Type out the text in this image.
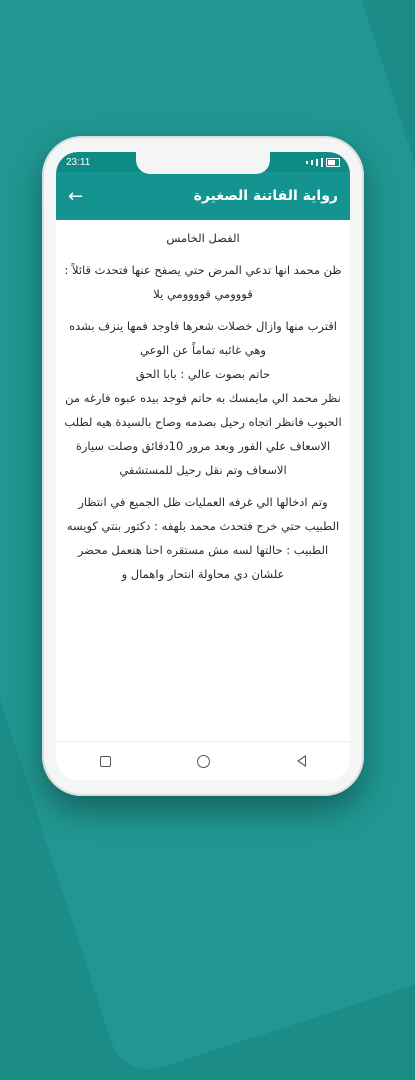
23:11
رواية الفاتنة الصغيرة
←

الفصل الخامس

ظن محمد انها تدعي المرض حتي يصفح عنها فتحدث قائلاً : قووومي قوووومي يلا

اقترب منها وازال خصلات شعرها فاوجد فمها ينزف بشده وهي غائبه تماماً عن الوعي

حاتم بصوت عالي : بابا الحق

نظر محمد الي مايمسك به حاتم فوجد بيده عبوه فارغه من الحبوب فانظر اتجاه رحيل بصدمه وصاح بالسيدة هيه لطلب الاسعاف علي الفور وبعد مرور 10دقائق وصلت سيارة الاسعاف وتم نقل رحيل للمستشفي

وتم ادخالها الي غرفه العمليات ظل الجميع في انتظار الطبيب حتي خرج فتحدث محمد بلهفه : دكتور بنتي كويسه

الطبيب : حالتها لسه مش مستقره احنا هنعمل محضر علشان دي محاولة انتحار واهمال و
